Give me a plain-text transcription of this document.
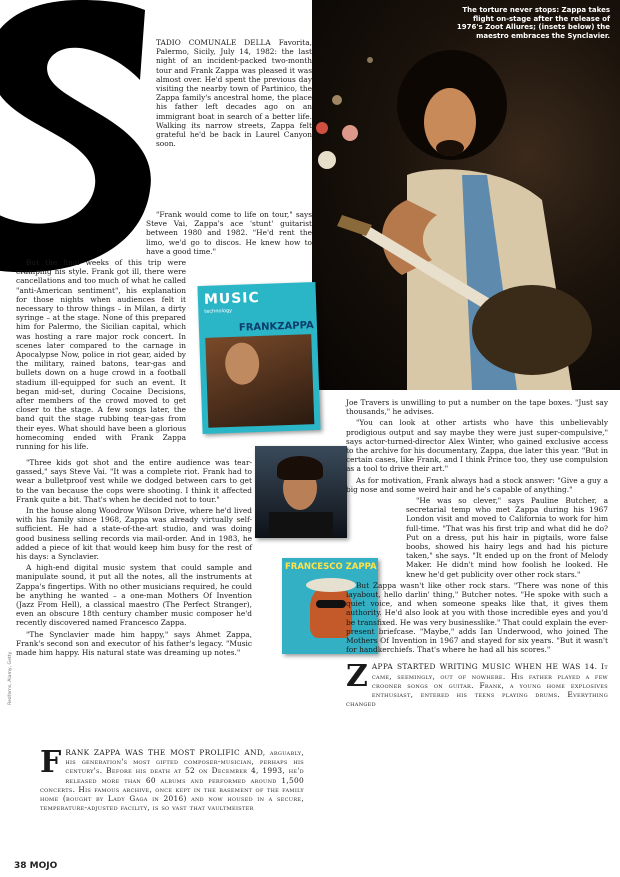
The torture never stops: Zappa takes flight on-stage after the release of 1976's Zoot Allures; (insets below) the maestro embraces the Synclavier.

TADIO COMUNALE DELLA Favorita, Palermo, Sicily, July 14, 1982: the last night of an incident-packed two-month tour and Frank Zappa was pleased it was almost over. He'd spent the previous day visiting the nearby town of Partinico, the Zappa family's ancestral home, the place his father left decades ago on an immigrant boat in search of a better life. Walking its narrow streets, Zappa felt grateful he'd be back in Laurel Canyon soon.

"Frank would come to life on tour," says Steve Vai, Zappa's ace 'stunt' guitarist between 1980 and 1982. "He'd rent the limo, we'd go to discos. He knew how to have a good time."

But the final weeks of this trip were cramping his style. Frank got ill, there were cancellations and too much of what he called "anti-American sentiment", his explanation for those nights when audiences felt it necessary to throw things – in Milan, a dirty syringe – at the stage. None of this prepared him for Palermo, the Sicilian capital, which was hosting a rare major rock concert. In scenes later compared to the carnage in Apocalypse Now, police in riot gear, aided by the military, rained batons, tear-gas and bullets down on a huge crowd in a football stadium ill-equipped for such an event. It began mid-set, during Cocaine Decisions, after members of the crowd moved to get closer to the stage. A few songs later, the band quit the stage rubbing tear-gas from their eyes. What should have been a glorious homecoming ended with Frank Zappa running for his life.

"Three kids got shot and the entire audience was tear-gassed," says Steve Vai. "It was a complete riot. Frank had to wear a bulletproof vest while we dodged between cars to get to the van because the cops were shooting. I think it affected Frank quite a bit. That's when he decided not to tour."

In the house along Woodrow Wilson Drive, where he'd lived with his family since 1968, Zappa was already virtually self-sufficient. He had a state-of-the-art studio, and was doing good business selling records via mail-order. And in 1983, he added a piece of kit that would keep him busy for the rest of his days: a Synclavier.

A high-end digital music system that could sample and manipulate sound, it put all the notes, all the instruments at Zappa's fingertips. With no other musicians required, he could be anything he wanted – a one-man Mothers Of Invention (Jazz From Hell), a classical maestro (The Perfect Stranger), even an obscure 18th century chamber music composer he'd recently discovered named Francesco Zappa.

"The Synclavier made him happy," says Ahmet Zappa, Frank's second son and executor of his father's legacy. "Music made him happy. His natural state was dreaming up notes."

FRANK ZAPPA WAS THE MOST PROLIFIC AND, arguably, his generation's most gifted composer-musician, perhaps his century's. Before his death at 52 on December 4, 1993, he'd released more than 60 albums and performed around 1,500 concerts. His famous archive, once kept in the basement of the family home (bought by Lady Gaga in 2016) and now housed in a secure, temperature-adjusted facility, is so vast that vaultmeister

MUSIC
technology
FRANKZAPPA
FRANCESCO ZAPPA

Joe Travers is unwilling to put a number on the tape boxes. "Just say thousands," he advises.

"You can look at other artists who have this unbelievably prodigious output and say maybe they were just super-compulsive," says actor-turned-director Alex Winter, who gained exclusive access to the archive for his documentary, Zappa, due later this year. "But in certain cases, like Frank, and I think Prince too, they use compulsion as a tool to drive their art."

As for motivation, Frank always had a stock answer: "Give a guy a big nose and some weird hair and he's capable of anything."

"He was so clever," says Pauline Butcher, a secretarial temp who met Zappa during his 1967 London visit and moved to California to work for him full-time. "That was his first trip and what did he do? Put on a dress, put his hair in pigtails, wore false boobs, showed his hairy legs and had his picture taken," she says. "It ended up on the front of Melody Maker. He didn't mind how foolish he looked. He knew he'd get publicity over other rock stars."

But Zappa wasn't like other rock stars. "There was none of this layabout, hello darlin' thing," Butcher notes. "He spoke with such a quiet voice, and when someone speaks like that, it gives them authority. He'd also look at you with those incredible eyes and you'd be transfixed. He was very businesslike." That could explain the ever-present briefcase. "Maybe," adds Ian Underwood, who joined The Mothers Of Invention in 1967 and stayed for six years. "But it wasn't for handkerchiefs. That's where he had all his scores."

ZAPPA STARTED WRITING MUSIC WHEN HE WAS 14. It came, seemingly, out of nowhere. His father played a few crooner songs on guitar. Frank, a young home explosives enthusiast, entered his teens playing drums. Everything changed

Redferns, Alamy, Getty
38 MOJO
